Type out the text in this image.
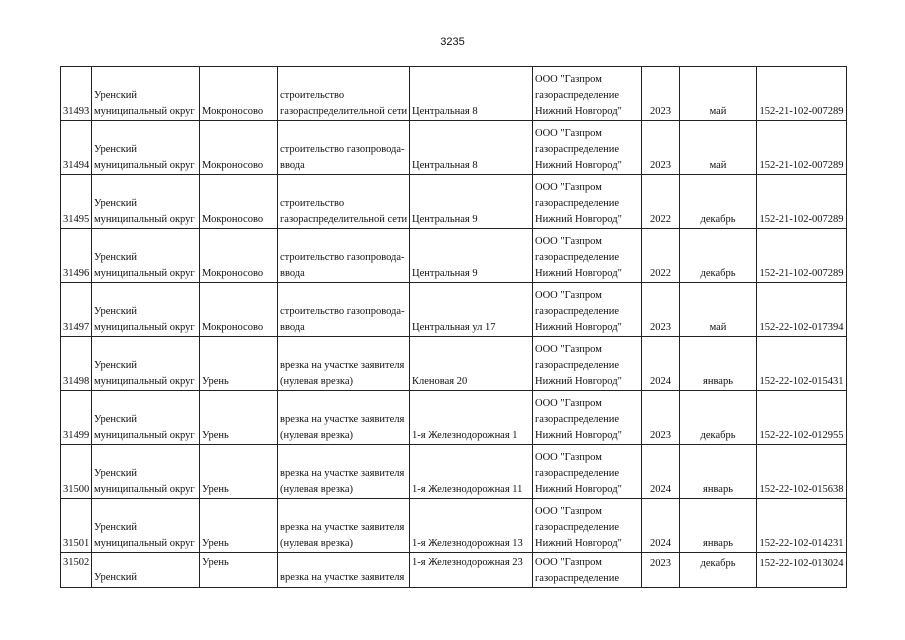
3235
31493	Уренский
муниципальный округ	Мокроносово	строительство
газораспределительной сети	Центральная 8	ООО "Газпром
газораспределение
Нижний Новгород"	2023	май	152-21-102-007289

31494	Уренский
муниципальный округ	Мокроносово	строительство газопровода-
ввода	Центральная 8	ООО "Газпром
газораспределение
Нижний Новгород"	2023	май	152-21-102-007289

31495	Уренский
муниципальный округ	Мокроносово	строительство
газораспределительной сети	Центральная 9	ООО "Газпром
газораспределение
Нижний Новгород"	2022	декабрь	152-21-102-007289

31496	Уренский
муниципальный округ	Мокроносово	строительство газопровода-
ввода	Центральная 9	ООО "Газпром
газораспределение
Нижний Новгород"	2022	декабрь	152-21-102-007289

31497	Уренский
муниципальный округ	Мокроносово	строительство газопровода-
ввода	Центральная ул 17	ООО "Газпром
газораспределение
Нижний Новгород"	2023	май	152-22-102-017394

31498	Уренский
муниципальный округ	Урень	врезка на участке заявителя
(нулевая врезка)	Кленовая 20	ООО "Газпром
газораспределение
Нижний Новгород"	2024	январь	152-22-102-015431

31499	Уренский
муниципальный округ	Урень	врезка на участке заявителя
(нулевая врезка)	1-я Железнодорожная 1	ООО "Газпром
газораспределение
Нижний Новгород"	2023	декабрь	152-22-102-012955

31500	Уренский
муниципальный округ	Урень	врезка на участке заявителя
(нулевая врезка)	1-я Железнодорожная 11	ООО "Газпром
газораспределение
Нижний Новгород"	2024	январь	152-22-102-015638

31501	Уренский
муниципальный округ	Урень	врезка на участке заявителя
(нулевая врезка)	1-я Железнодорожная 13	ООО "Газпром
газораспределение
Нижний Новгород"	2024	январь	152-22-102-014231

31502	Уренский	Урень	врезка на участке заявителя	1-я Железнодорожная 23	ООО "Газпром
газораспределение	2023	декабрь	152-22-102-013024
